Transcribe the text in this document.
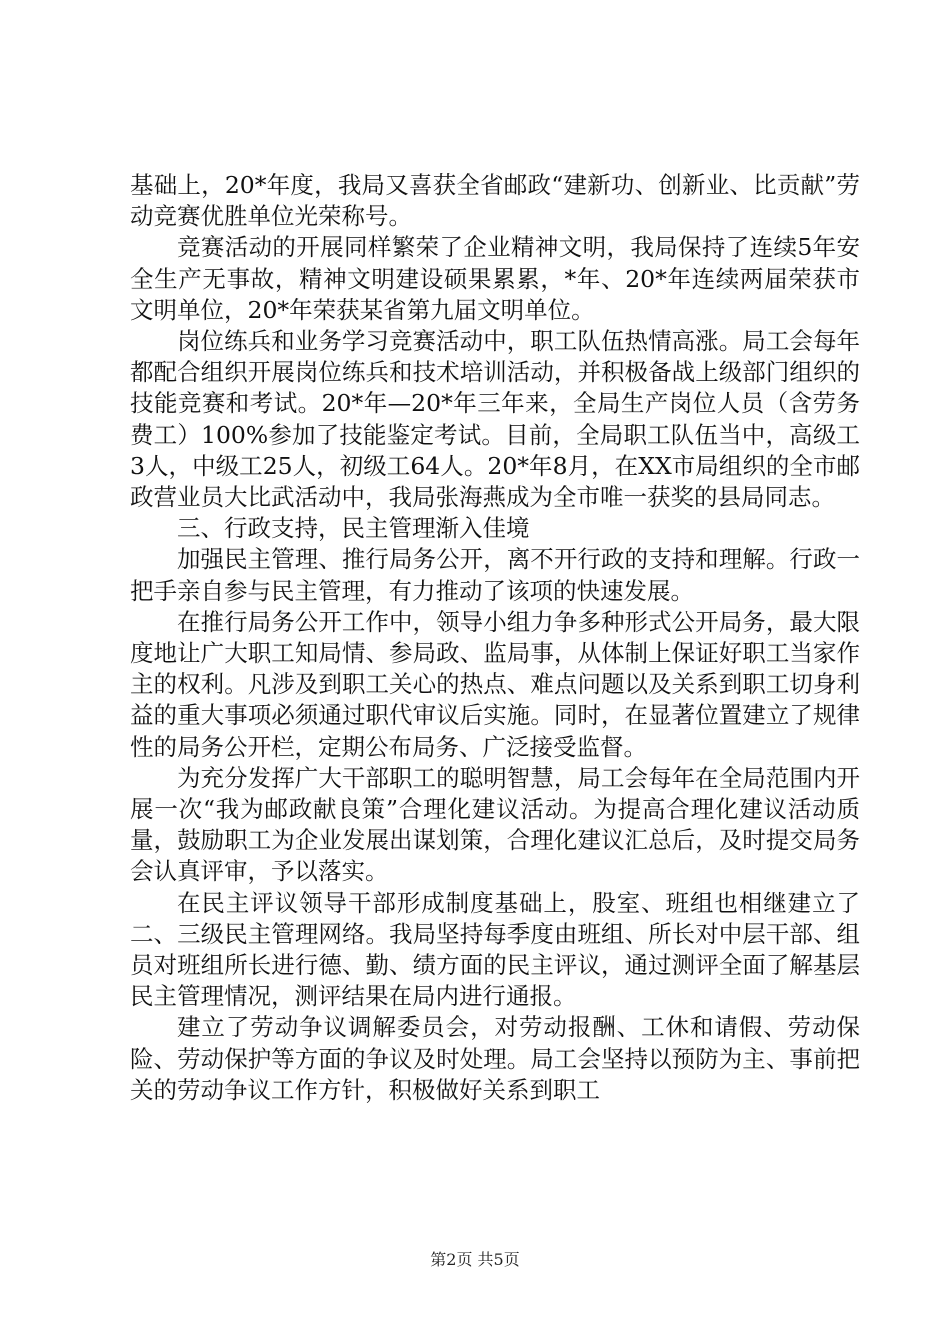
基础上，20*年度，我局又喜获全省邮政“建新功、创新业、比贡献”劳动竞赛优胜单位光荣称号。

竞赛活动的开展同样繁荣了企业精神文明，我局保持了连续5年安全生产无事故，精神文明建设硕果累累，*年、20*年连续两届荣获市文明单位，20*年荣获某省第九届文明单位。

岗位练兵和业务学习竞赛活动中，职工队伍热情高涨。局工会每年都配合组织开展岗位练兵和技术培训活动，并积极备战上级部门组织的技能竞赛和考试。20*年—20*年三年来，全局生产岗位人员（含劳务费工）100%参加了技能鉴定考试。目前，全局职工队伍当中，高级工3人，中级工25人，初级工64人。20*年8月，在XX市局组织的全市邮政营业员大比武活动中，我局张海燕成为全市唯一获奖的县局同志。

三、行政支持，民主管理渐入佳境

加强民主管理、推行局务公开，离不开行政的支持和理解。行政一把手亲自参与民主管理，有力推动了该项的快速发展。

在推行局务公开工作中，领导小组力争多种形式公开局务，最大限度地让广大职工知局情、参局政、监局事，从体制上保证好职工当家作主的权利。凡涉及到职工关心的热点、难点问题以及关系到职工切身利益的重大事项必须通过职代审议后实施。同时，在显著位置建立了规律性的局务公开栏，定期公布局务、广泛接受监督。

为充分发挥广大干部职工的聪明智慧，局工会每年在全局范围内开展一次“我为邮政献良策”合理化建议活动。为提高合理化建议活动质量，鼓励职工为企业发展出谋划策，合理化建议汇总后，及时提交局务会认真评审，予以落实。

在民主评议领导干部形成制度基础上，股室、班组也相继建立了二、三级民主管理网络。我局坚持每季度由班组、所长对中层干部、组员对班组所长进行德、勤、绩方面的民主评议，通过测评全面了解基层民主管理情况，测评结果在局内进行通报。

建立了劳动争议调解委员会，对劳动报酬、工休和请假、劳动保险、劳动保护等方面的争议及时处理。局工会坚持以预防为主、事前把关的劳动争议工作方针，积极做好关系到职工

第2页 共5页
